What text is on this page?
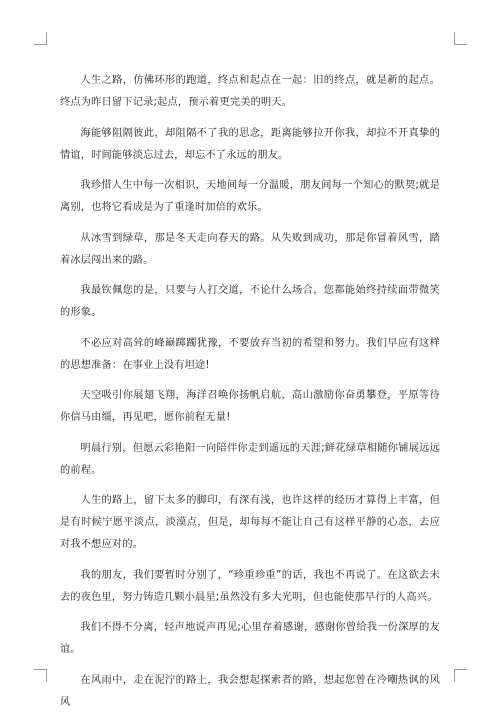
人生之路，仿佛环形的跑道，终点和起点在一起：旧的终点，就是新的起点。终点为昨日留下记录;起点，预示着更完美的明天。

海能够阻隔彼此，却阻隔不了我的思念，距离能够拉开你我，却拉不开真挚的情谊，时间能够淡忘过去，却忘不了永远的朋友。

我珍惜人生中每一次相识，天地间每一分温暖，朋友间每一个知心的默契;就是离别，也将它看成是为了重逢时加倍的欢乐。

从冰雪到绿草，那是冬天走向春天的路。从失败到成功，那是你冒着风雪，踏着冰层闯出来的路。

我最钦佩您的是，只要与人打交道，不论什么场合，您都能始终持续面带微笑的形象。

不必应对高耸的峰巅踯躅犹豫，不要放弃当初的希望和努力。我们早应有这样的思想准备：在事业上没有坦途!

天空吸引你展翅飞翔，海洋召唤你扬帆启航，高山激励你奋勇攀登，平原等待你信马由缰，再见吧，愿你前程无量!

明晨行别，但愿云彩艳阳一向陪伴你走到遥远的天涯;鲜花绿草相随你铺展远远的前程。

人生的路上，留下太多的脚印，有深有浅，也许这样的经历才算得上丰富，但是有时候宁愿平淡点，淡漠点，但是，却每每不能让自己有这样平静的心态，去应对我不想应对的。

我的朋友，我们要暂时分别了，“珍重珍重”的话，我也不再说了。在这欲去未去的夜色里，努力铸造几颗小晨星;虽然没有多大光明，但也能使那早行的人高兴。

我们不得不分离，轻声地说声再见;心里存着感谢，感谢你曾给我一份深厚的友谊。

在风雨中，走在泥泞的路上，我会想起探索者的路，想起您曾在冷嘲热讽的风风
